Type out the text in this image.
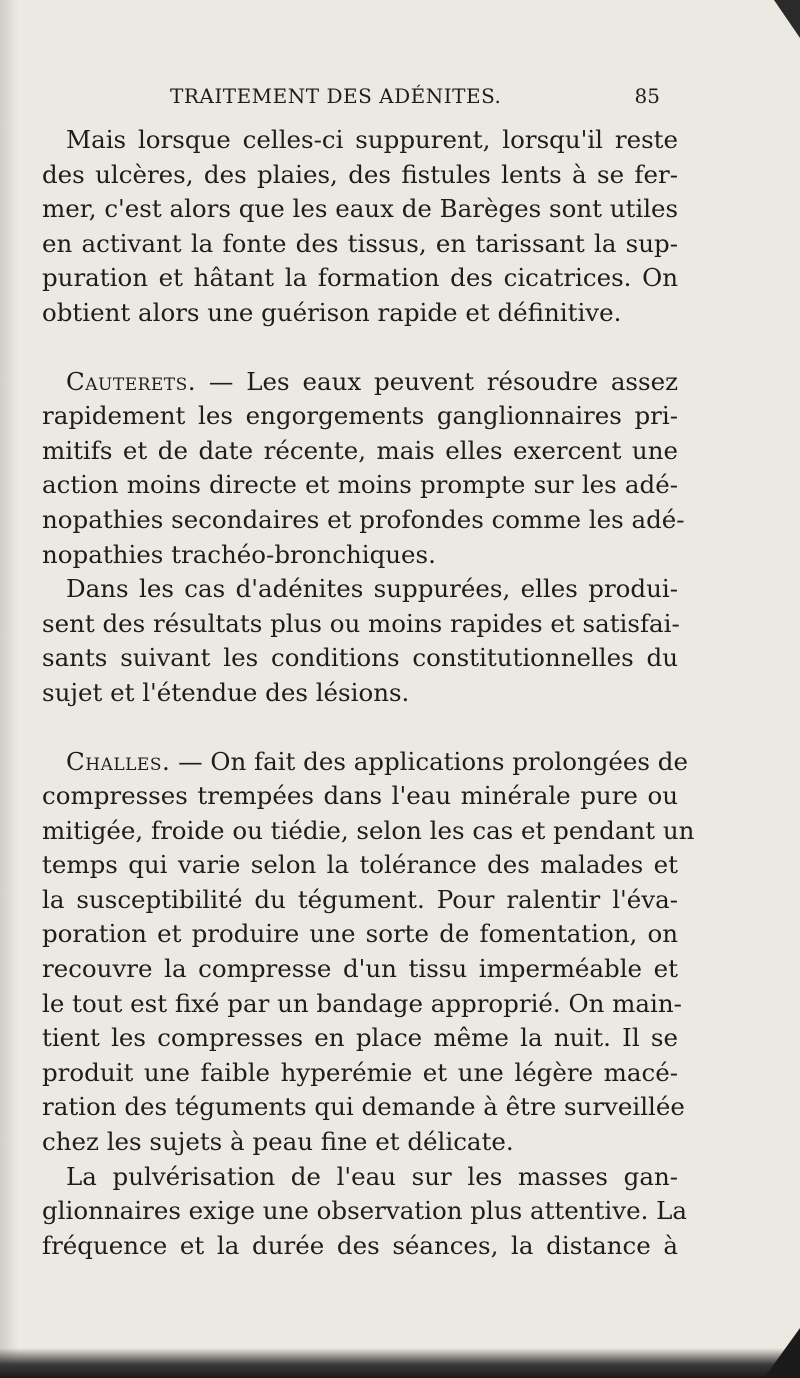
TRAITEMENT DES ADÉNITES.	85
Mais lorsque celles-ci suppurent, lorsqu'il reste
des ulcères, des plaies, des fistules lents à se fer-
mer, c'est alors que les eaux de Barèges sont utiles
en activant la fonte des tissus, en tarissant la sup-
puration et hâtant la formation des cicatrices. On
obtient alors une guérison rapide et définitive.
Cauterets. — Les eaux peuvent résoudre assez
rapidement les engorgements ganglionnaires pri-
mitifs et de date récente, mais elles exercent une
action moins directe et moins prompte sur les adé-
nopathies secondaires et profondes comme les adé-
nopathies trachéo-bronchiques.
Dans les cas d'adénites suppurées, elles produi-
sent des résultats plus ou moins rapides et satisfai-
sants suivant les conditions constitutionnelles du
sujet et l'étendue des lésions.
Challes. — On fait des applications prolongées de
compresses trempées dans l'eau minérale pure ou
mitigée, froide ou tiédie, selon les cas et pendant un
temps qui varie selon la tolérance des malades et
la susceptibilité du tégument. Pour ralentir l'éva-
poration et produire une sorte de fomentation, on
recouvre la compresse d'un tissu imperméable et
le tout est fixé par un bandage approprié. On main-
tient les compresses en place même la nuit. Il se
produit une faible hyperémie et une légère macé-
ration des téguments qui demande à être surveillée
chez les sujets à peau fine et délicate.
La pulvérisation de l'eau sur les masses gan-
glionnaires exige une observation plus attentive. La
fréquence et la durée des séances, la distance à
